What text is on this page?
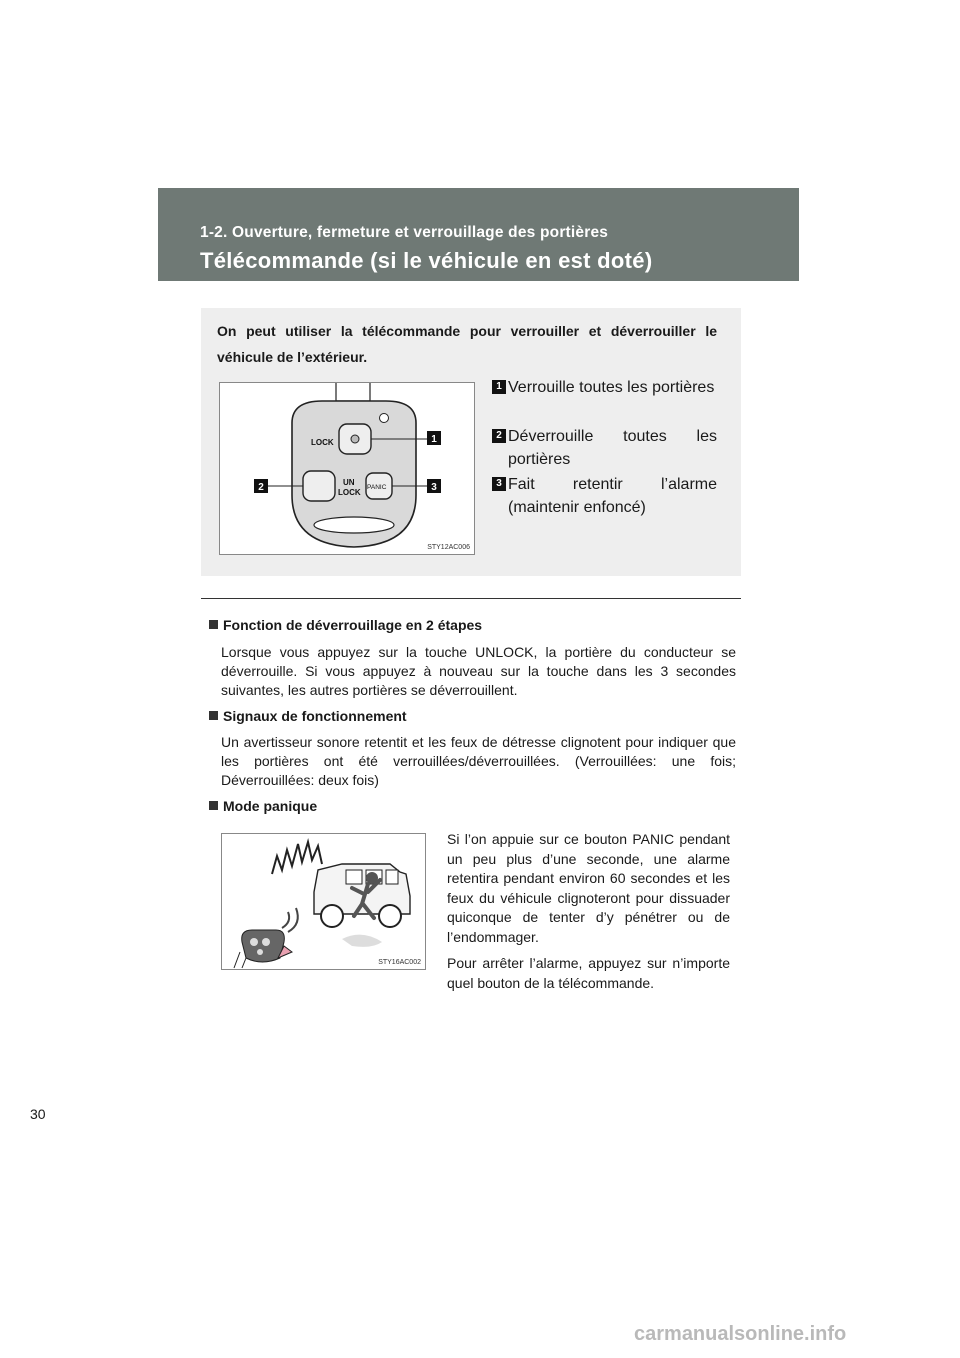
1-2. Ouverture, fermeture et verrouillage des portières
Télécommande (si le véhicule en est doté)
On peut utiliser la télécommande pour verrouiller et déverrouiller le véhicule de l’extérieur.
LOCK
UN
LOCK
PANIC
1
2	3
STY12AC006
1 Verrouille toutes les portières
2 Déverrouille toutes les portières
3 Fait retentir l’alarme (maintenir enfoncé)
Fonction de déverrouillage en 2 étapes
Lorsque vous appuyez sur la touche UNLOCK, la portière du conducteur se déverrouille. Si vous appuyez à nouveau sur la touche dans les 3 secondes suivantes, les autres portières se déverrouillent.
Signaux de fonctionnement
Un avertisseur sonore retentit et les feux de détresse clignotent pour indiquer que les portières ont été verrouillées/déverrouillées. (Verrouillées: une fois; Déverrouillées: deux fois)
Mode panique
STY16AC002
Si l’on appuie sur ce bouton PANIC pendant un peu plus d’une seconde, une alarme retentira pendant environ 60 secondes et les feux du véhicule clignoteront pour dissuader quiconque de tenter d’y pénétrer ou de l’endommager.
Pour arrêter l’alarme, appuyez sur n’importe quel bouton de la télécommande.
30
carmanualsonline.info
